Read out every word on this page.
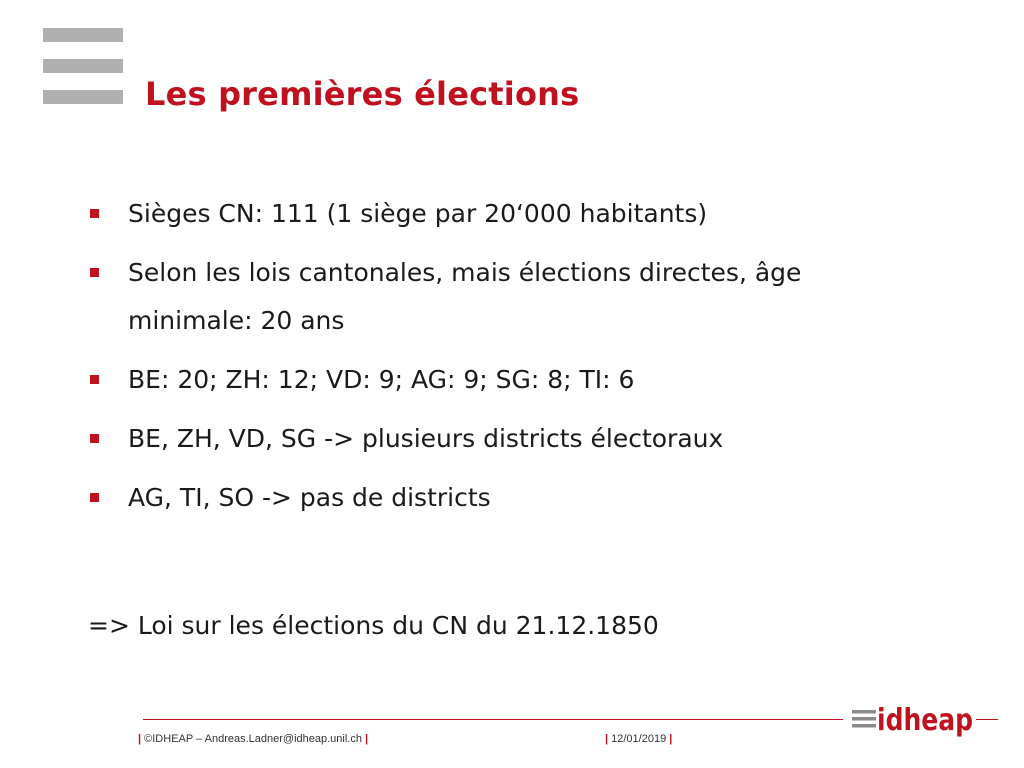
Les premières élections
Sièges CN: 111 (1 siège par 20‘000 habitants)
Selon les lois cantonales, mais élections directes, âge minimale: 20 ans
BE: 20; ZH: 12; VD: 9; AG: 9; SG: 8; TI: 6
BE, ZH, VD, SG -> plusieurs districts électoraux
AG, TI, SO -> pas de districts
=> Loi sur les élections du CN du 21.12.1850
| ©IDHEAP – Andreas.Ladner@idheap.unil.ch |	| 12/01/2019 |
idheap
